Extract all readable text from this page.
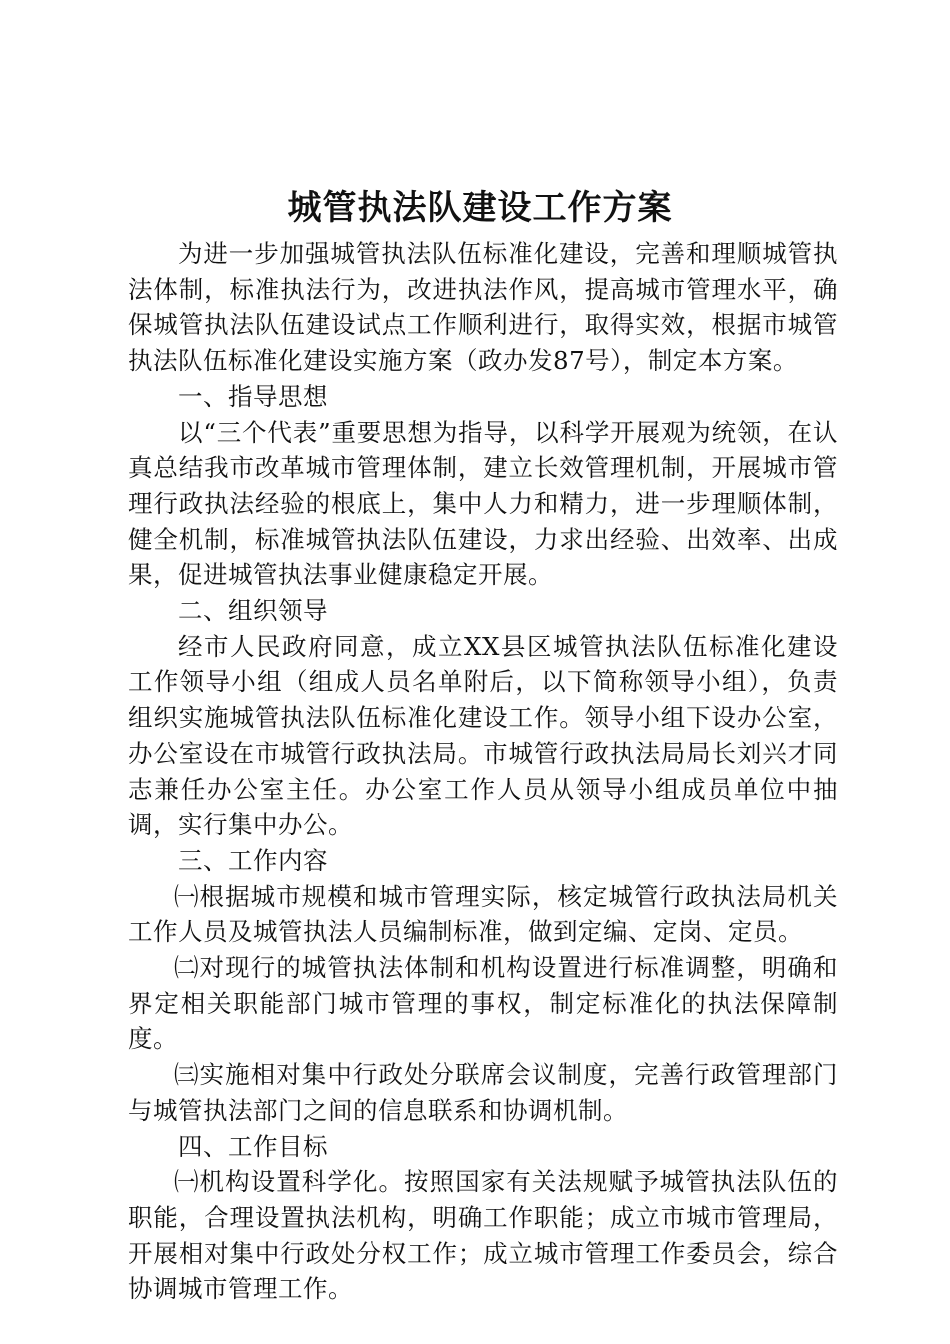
城管执法队建设工作方案

为进一步加强城管执法队伍标准化建设，完善和理顺城管执法体制，标准执法行为，改进执法作风，提高城市管理水平，确保城管执法队伍建设试点工作顺利进行，取得实效，根据市城管执法队伍标准化建设实施方案（政办发87号），制定本方案。

一、指导思想

以“三个代表”重要思想为指导，以科学开展观为统领，在认真总结我市改革城市管理体制，建立长效管理机制，开展城市管理行政执法经验的根底上，集中人力和精力，进一步理顺体制，健全机制，标准城管执法队伍建设，力求出经验、出效率、出成果，促进城管执法事业健康稳定开展。

二、组织领导

经市人民政府同意，成立XX县区城管执法队伍标准化建设工作领导小组（组成人员名单附后，以下简称领导小组），负责组织实施城管执法队伍标准化建设工作。领导小组下设办公室，办公室设在市城管行政执法局。市城管行政执法局局长刘兴才同志兼任办公室主任。办公室工作人员从领导小组成员单位中抽调，实行集中办公。

三、工作内容

㈠根据城市规模和城市管理实际，核定城管行政执法局机关工作人员及城管执法人员编制标准，做到定编、定岗、定员。

㈡对现行的城管执法体制和机构设置进行标准调整，明确和界定相关职能部门城市管理的事权，制定标准化的执法保障制度。

㈢实施相对集中行政处分联席会议制度，完善行政管理部门与城管执法部门之间的信息联系和协调机制。

四、工作目标

㈠机构设置科学化。按照国家有关法规赋予城管执法队伍的职能，合理设置执法机构，明确工作职能；成立市城市管理局，开展相对集中行政处分权工作；成立城市管理工作委员会，综合协调城市管理工作。
